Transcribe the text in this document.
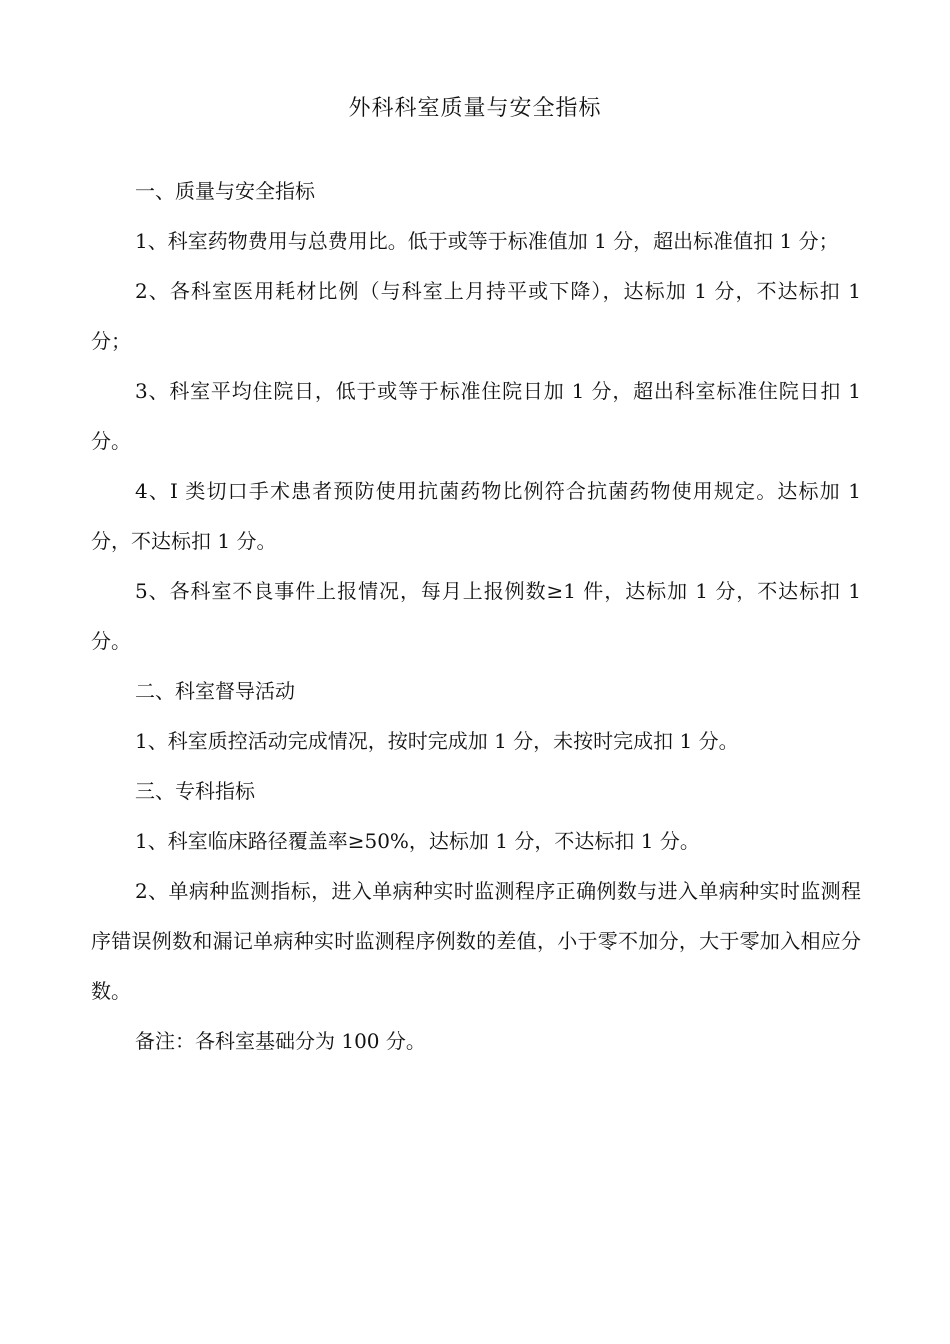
外科科室质量与安全指标

一、质量与安全指标

1、科室药物费用与总费用比。低于或等于标准值加 1 分，超出标准值扣 1 分；

2、各科室医用耗材比例（与科室上月持平或下降），达标加 1 分，不达标扣 1 分；

3、科室平均住院日，低于或等于标准住院日加 1 分，超出科室标准住院日扣 1 分。

4、I 类切口手术患者预防使用抗菌药物比例符合抗菌药物使用规定。达标加 1 分，不达标扣 1 分。

5、各科室不良事件上报情况，每月上报例数≥1 件，达标加 1 分，不达标扣 1 分。

二、科室督导活动

1、科室质控活动完成情况，按时完成加 1 分，未按时完成扣 1 分。

三、专科指标

1、科室临床路径覆盖率≥50%，达标加 1 分，不达标扣 1 分。

2、单病种监测指标，进入单病种实时监测程序正确例数与进入单病种实时监测程序错误例数和漏记单病种实时监测程序例数的差值，小于零不加分，大于零加入相应分数。

备注：各科室基础分为 100 分。
